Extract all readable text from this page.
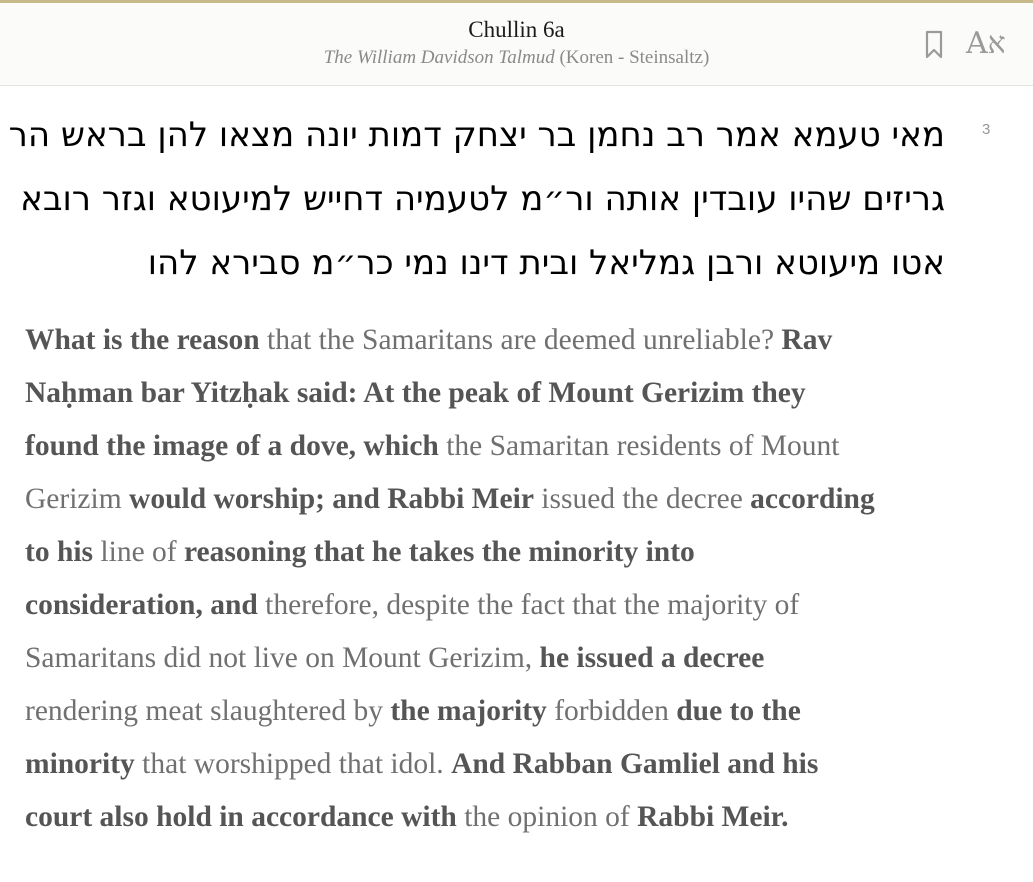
Chullin 6a
The William Davidson Talmud (Koren - Steinsaltz)	Aא
3
מאי טעמא אמר רב נחמן בר יצחק דמות יונה מצאו להן בראש הר
גריזים שהיו עובדין אותה ור״מ לטעמיה דחייש למיעוטא וגזר רובא
אטו מיעוטא ורבן גמליאל ובית דינו נמי כר״מ סבירא להו
What is the reason that the Samaritans are deemed unreliable? Rav
Naḥman bar Yitzḥak said: At the peak of Mount Gerizim they
found the image of a dove, which the Samaritan residents of Mount
Gerizim would worship; and Rabbi Meir issued the decree according
to his line of reasoning that he takes the minority into
consideration, and therefore, despite the fact that the majority of
Samaritans did not live on Mount Gerizim, he issued a decree
rendering meat slaughtered by the majority forbidden due to the
minority that worshipped that idol. And Rabban Gamliel and his
court also hold in accordance with the opinion of Rabbi Meir.
